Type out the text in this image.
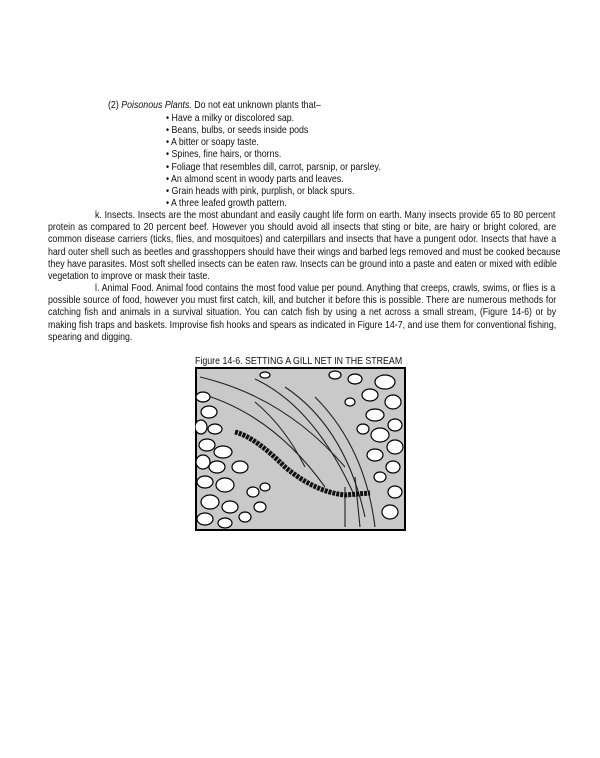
(2) Poisonous Plants. Do not eat unknown plants that–
• Have a milky or discolored sap.
• Beans, bulbs, or seeds inside pods
• A bitter or soapy taste.
• Spines, fine hairs, or thorns.
• Foliage that resembles dill, carrot, parsnip, or parsley.
• An almond scent in woody parts and leaves.
• Grain heads with pink, purplish, or black spurs.
• A three leafed growth pattern.
k. Insects. Insects are the most abundant and easily caught life form on earth. Many insects provide 65 to 80 percent
protein as compared to 20 percent beef. However you should avoid all insects that sting or bite, are hairy or bright colored, are
common disease carriers (ticks, flies, and mosquitoes) and caterpillars and insects that have a pungent odor. Insects that have a
hard outer shell such as beetles and grasshoppers should have their wings and barbed legs removed and must be cooked because
they have parasites. Most soft shelled insects can be eaten raw. Insects can be ground into a paste and eaten or mixed with edible
vegetation to improve or mask their taste.
l. Animal Food. Animal food contains the most food value per pound. Anything that creeps, crawls, swims, or flies is a
possible source of food, however you must first catch, kill, and butcher it before this is possible. There are numerous methods for
catching fish and animals in a survival situation. You can catch fish by using a net across a small stream, (Figure 14-6) or by
making fish traps and baskets. Improvise fish hooks and spears as indicated in Figure 14-7, and use them for conventional fishing,
spearing and digging.
Figure 14-6. SETTING A GILL NET IN THE STREAM
